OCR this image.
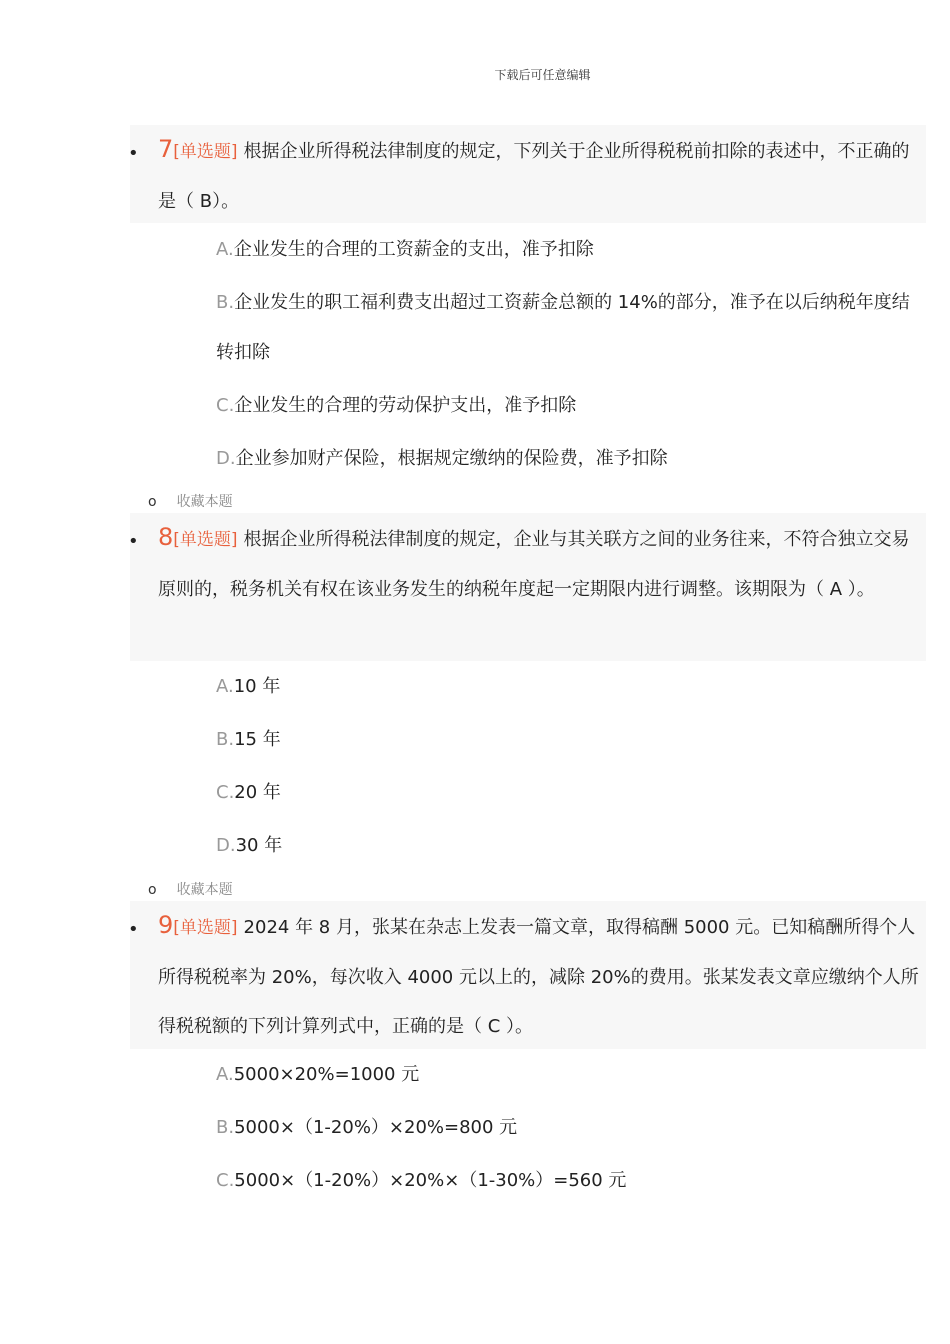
下载后可任意编辑
7[单选题] 根据企业所得税法律制度的规定，下列关于企业所得税税前扣除的表述中，不正确的是（ B）。
•
A.企业发生的合理的工资薪金的支出，准予扣除
B.企业发生的职工福利费支出超过工资薪金总额的 14%的部分，准予在以后纳税年度结转扣除
C.企业发生的合理的劳动保护支出，准予扣除
D.企业参加财产保险，根据规定缴纳的保险费，准予扣除
o 收藏本题
8[单选题] 根据企业所得税法律制度的规定，企业与其关联方之间的业务往来，不符合独立交易原则的，税务机关有权在该业务发生的纳税年度起一定期限内进行调整。该期限为（ A ）。
•
A.10 年
B.15 年
C.20 年
D.30 年
o 收藏本题
9[单选题] 2024 年 8 月，张某在杂志上发表一篇文章，取得稿酬 5000 元。已知稿酬所得个人所得税税率为 20%，每次收入 4000 元以上的，减除 20%的费用。张某发表文章应缴纳个人所得税税额的下列计算列式中，正确的是（ C ）。
•
A.5000×20%=1000 元
B.5000×（1-20%）×20%=800 元
C.5000×（1-20%）×20%×（1-30%）=560 元
